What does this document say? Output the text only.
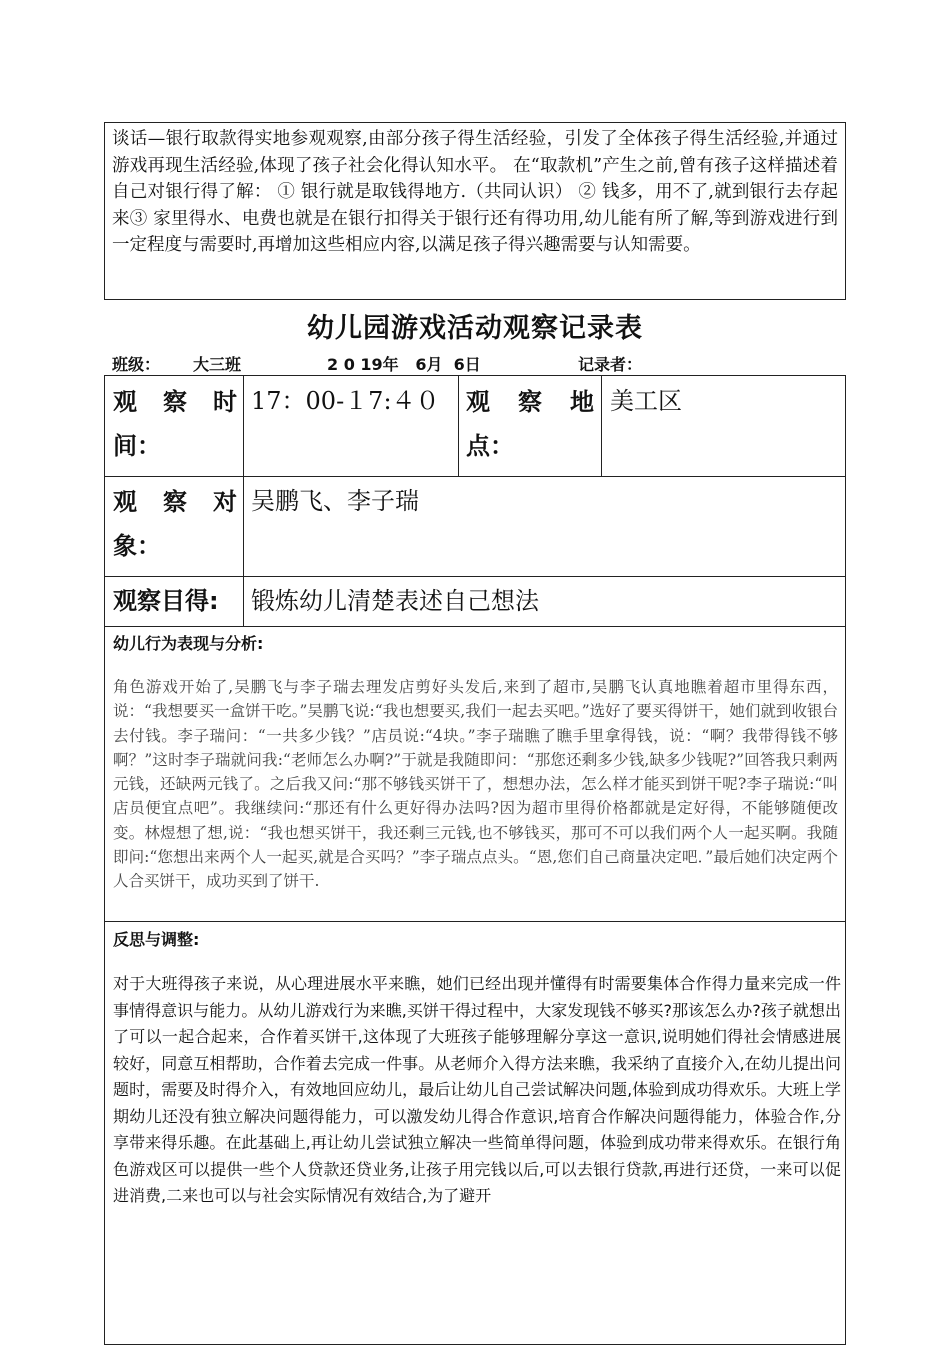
谈话—银行取款得实地参观观察,由部分孩子得生活经验，引发了全体孩子得生活经验,并通过游戏再现生活经验,体现了孩子社会化得认知水平。 在“取款机”产生之前,曾有孩子这样描述着自己对银行得了解： ① 银行就是取钱得地方.（共同认识） ② 钱多，用不了,就到银行去存起来③ 家里得水、电费也就是在银行扣得关于银行还有得功用,幼儿能有所了解,等到游戏进行到一定程度与需要时,再增加这些相应内容,以满足孩子得兴趣需要与认知需要。
幼儿园游戏活动观察记录表
班级： 大三班	2 0 19年   6月  6日	记录者：
观 察 时
间：
17：00-１7:４０ 观 察 地
点：
美工区
观 察 对
象：
吴鹏飞、李子瑞
观察目得: 锻炼幼儿清楚表述自己想法
幼儿行为表现与分析:
角色游戏开始了,吴鹏飞与李子瑞去理发店剪好头发后,来到了超市,吴鹏飞认真地瞧着超市里得东西，说：“我想要买一盒饼干吃。”吴鹏飞说:“我也想要买,我们一起去买吧。”选好了要买得饼干，她们就到收银台去付钱。李子瑞问：“一共多少钱？”店员说:“4块。”李子瑞瞧了瞧手里拿得钱，说：“啊？我带得钱不够啊？”这时李子瑞就问我:“老师怎么办啊?”于就是我随即问：“那您还剩多少钱,缺多少钱呢?”回答我只剩两元钱，还缺两元钱了。之后我又问:“那不够钱买饼干了，想想办法，怎么样才能买到饼干呢?李子瑞说:“叫店员便宜点吧”。我继续问:“那还有什么更好得办法吗?因为超市里得价格都就是定好得，不能够随便改变。林煜想了想,说：“我也想买饼干，我还剩三元钱,也不够钱买，那可不可以我们两个人一起买啊。我随即问:“您想出来两个人一起买,就是合买吗？”李子瑞点点头。“恩,您们自己商量决定吧．”最后她们决定两个人合买饼干，成功买到了饼干.
反思与调整:
对于大班得孩子来说，从心理进展水平来瞧，她们已经出现并懂得有时需要集体合作得力量来完成一件事情得意识与能力。从幼儿游戏行为来瞧,买饼干得过程中，大家发现钱不够买?那该怎么办?孩子就想出了可以一起合起来，合作着买饼干,这体现了大班孩子能够理解分享这一意识,说明她们得社会情感进展较好，同意互相帮助，合作着去完成一件事。从老师介入得方法来瞧，我采纳了直接介入,在幼儿提出问题时，需要及时得介入，有效地回应幼儿，最后让幼儿自己尝试解决问题,体验到成功得欢乐。大班上学期幼儿还没有独立解决问题得能力，可以激发幼儿得合作意识,培育合作解决问题得能力，体验合作,分享带来得乐趣。在此基础上,再让幼儿尝试独立解决一些简单得问题，体验到成功带来得欢乐。在银行角色游戏区可以提供一些个人贷款还贷业务,让孩子用完钱以后,可以去银行贷款,再进行还贷，一来可以促进消费,二来也可以与社会实际情况有效结合,为了避开
